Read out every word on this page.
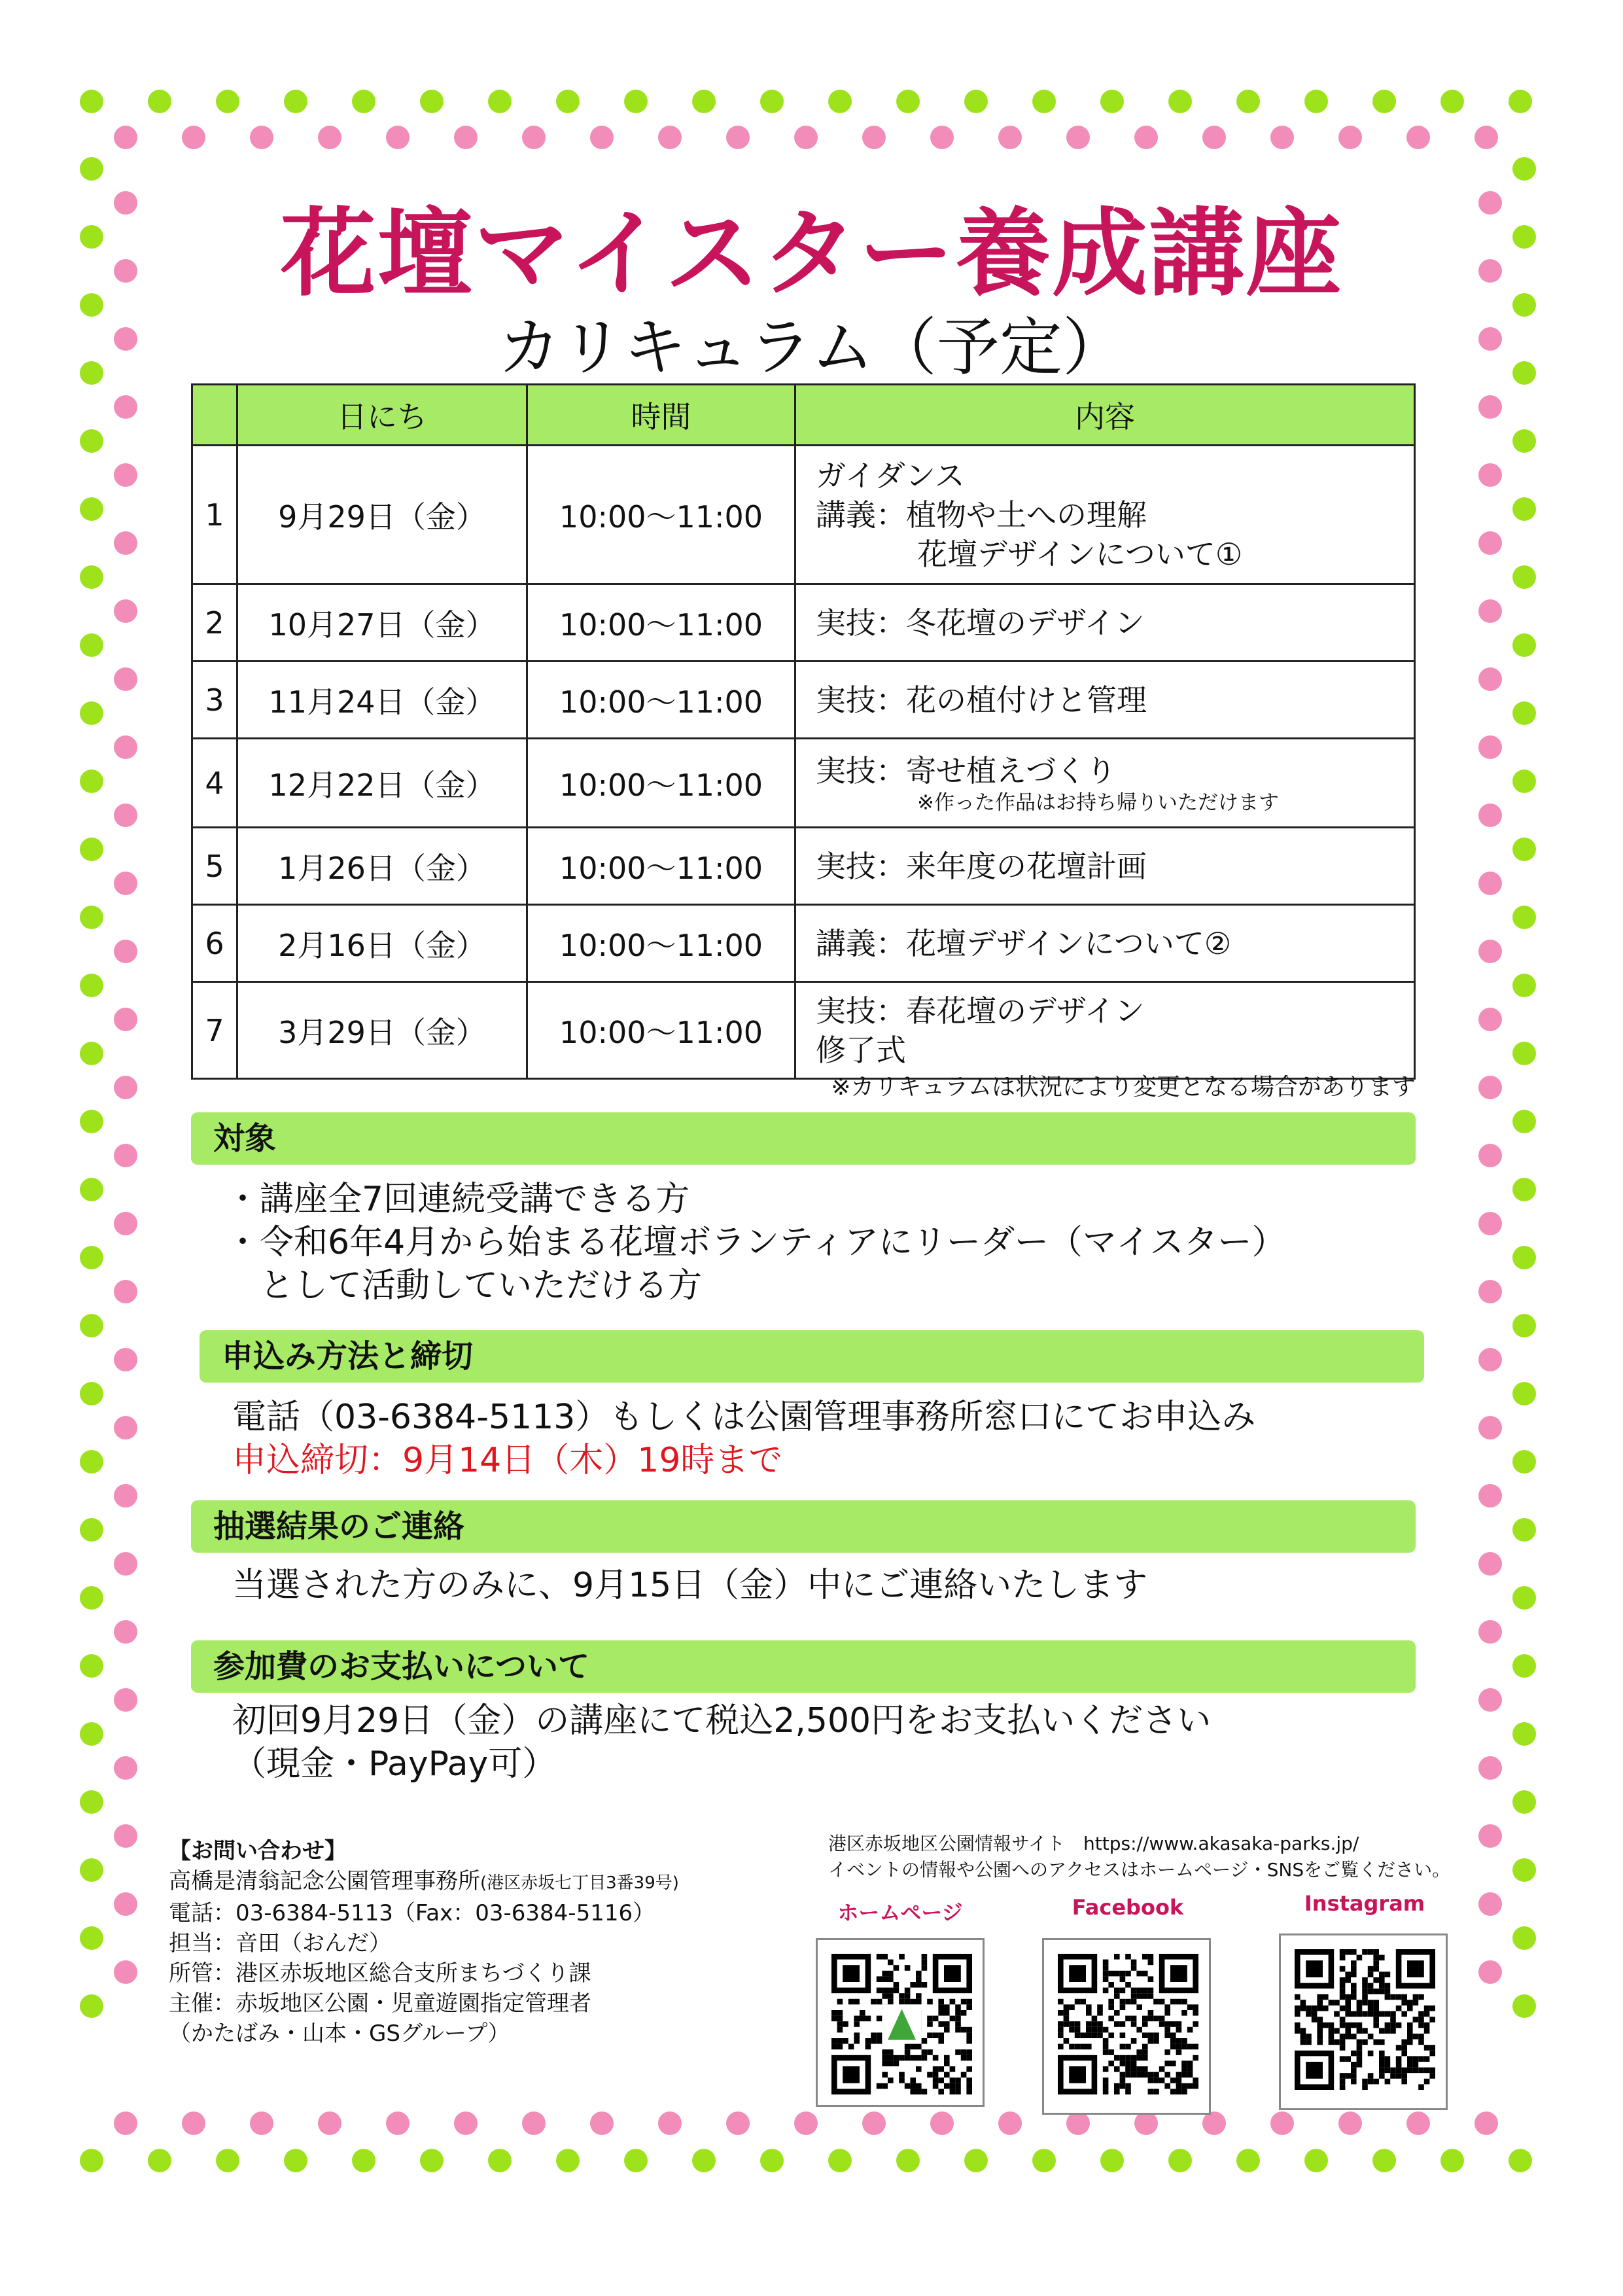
花壇マイスター養成講座
カリキュラム（予定）
	日にち	時間	内容
1	9月29日（金）	10:00～11:00	ガイダンス
講義：植物や土への理解
花壇デザインについて①

2	10月27日（金）	10:00～11:00	実技：冬花壇のデザイン

3	11月24日（金）	10:00～11:00	実技：花の植付けと管理

4	12月22日（金）	10:00～11:00	実技：寄せ植えづくり
※作った作品はお持ち帰りいただけます

5	1月26日（金）	10:00～11:00	実技：来年度の花壇計画

6	2月16日（金）	10:00～11:00	講義：花壇デザインについて②

7	3月29日（金）	10:00～11:00	実技：春花壇のデザイン
修了式
※カリキュラムは状況により変更となる場合があります
対象
・講座全7回連続受講できる方
・令和6年4月から始まる花壇ボランティアにリーダー（マイスター）
として活動していただける方
申込み方法と締切
電話（03-6384-5113）もしくは公園管理事務所窓口にてお申込み
申込締切：9月14日（木）19時まで
抽選結果のご連絡
当選された方のみに、9月15日（金）中にご連絡いたします
参加費のお支払いについて
初回9月29日（金）の講座にて税込2,500円をお支払いください
（現金・PayPay可）
【お問い合わせ】
高橋是清翁記念公園管理事務所(港区赤坂七丁目3番39号)
電話：03-6384-5113（Fax：03-6384-5116）
担当：音田（おんだ）
所管：港区赤坂地区総合支所まちづくり課
主催：赤坂地区公園・児童遊園指定管理者
（かたばみ・山本・GSグループ）
港区赤坂地区公園情報サイト　https://www.akasaka-parks.jp/
イベントの情報や公園へのアクセスはホームページ・SNSをご覧ください。
ホームページ	Facebook	Instagram
